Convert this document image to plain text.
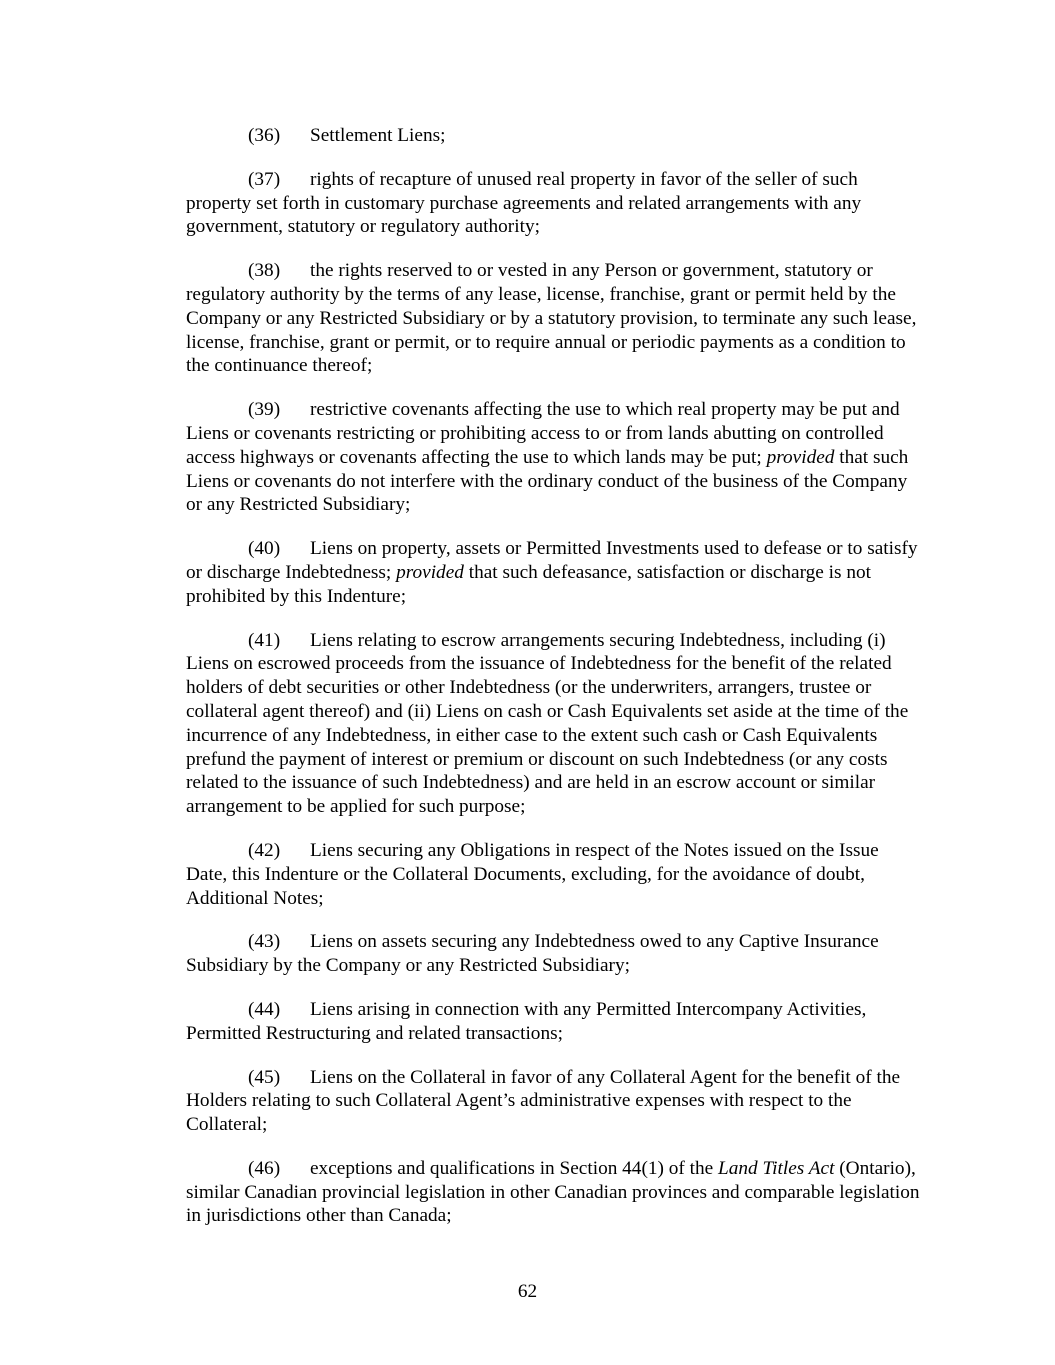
(36) Settlement Liens;

(37) rights of recapture of unused real property in favor of the seller of such property set forth in customary purchase agreements and related arrangements with any government, statutory or regulatory authority;

(38) the rights reserved to or vested in any Person or government, statutory or regulatory authority by the terms of any lease, license, franchise, grant or permit held by the Company or any Restricted Subsidiary or by a statutory provision, to terminate any such lease, license, franchise, grant or permit, or to require annual or periodic payments as a condition to the continuance thereof;

(39) restrictive covenants affecting the use to which real property may be put and Liens or covenants restricting or prohibiting access to or from lands abutting on controlled access highways or covenants affecting the use to which lands may be put; provided that such Liens or covenants do not interfere with the ordinary conduct of the business of the Company or any Restricted Subsidiary;

(40) Liens on property, assets or Permitted Investments used to defease or to satisfy or discharge Indebtedness; provided that such defeasance, satisfaction or discharge is not prohibited by this Indenture;

(41) Liens relating to escrow arrangements securing Indebtedness, including (i) Liens on escrowed proceeds from the issuance of Indebtedness for the benefit of the related holders of debt securities or other Indebtedness (or the underwriters, arrangers, trustee or collateral agent thereof) and (ii) Liens on cash or Cash Equivalents set aside at the time of the incurrence of any Indebtedness, in either case to the extent such cash or Cash Equivalents prefund the payment of interest or premium or discount on such Indebtedness (or any costs related to the issuance of such Indebtedness) and are held in an escrow account or similar arrangement to be applied for such purpose;

(42) Liens securing any Obligations in respect of the Notes issued on the Issue Date, this Indenture or the Collateral Documents, excluding, for the avoidance of doubt, Additional Notes;

(43) Liens on assets securing any Indebtedness owed to any Captive Insurance Subsidiary by the Company or any Restricted Subsidiary;

(44) Liens arising in connection with any Permitted Intercompany Activities, Permitted Restructuring and related transactions;

(45) Liens on the Collateral in favor of any Collateral Agent for the benefit of the Holders relating to such Collateral Agent’s administrative expenses with respect to the Collateral;

(46) exceptions and qualifications in Section 44(1) of the Land Titles Act (Ontario), similar Canadian provincial legislation in other Canadian provinces and comparable legislation in jurisdictions other than Canada;

62
